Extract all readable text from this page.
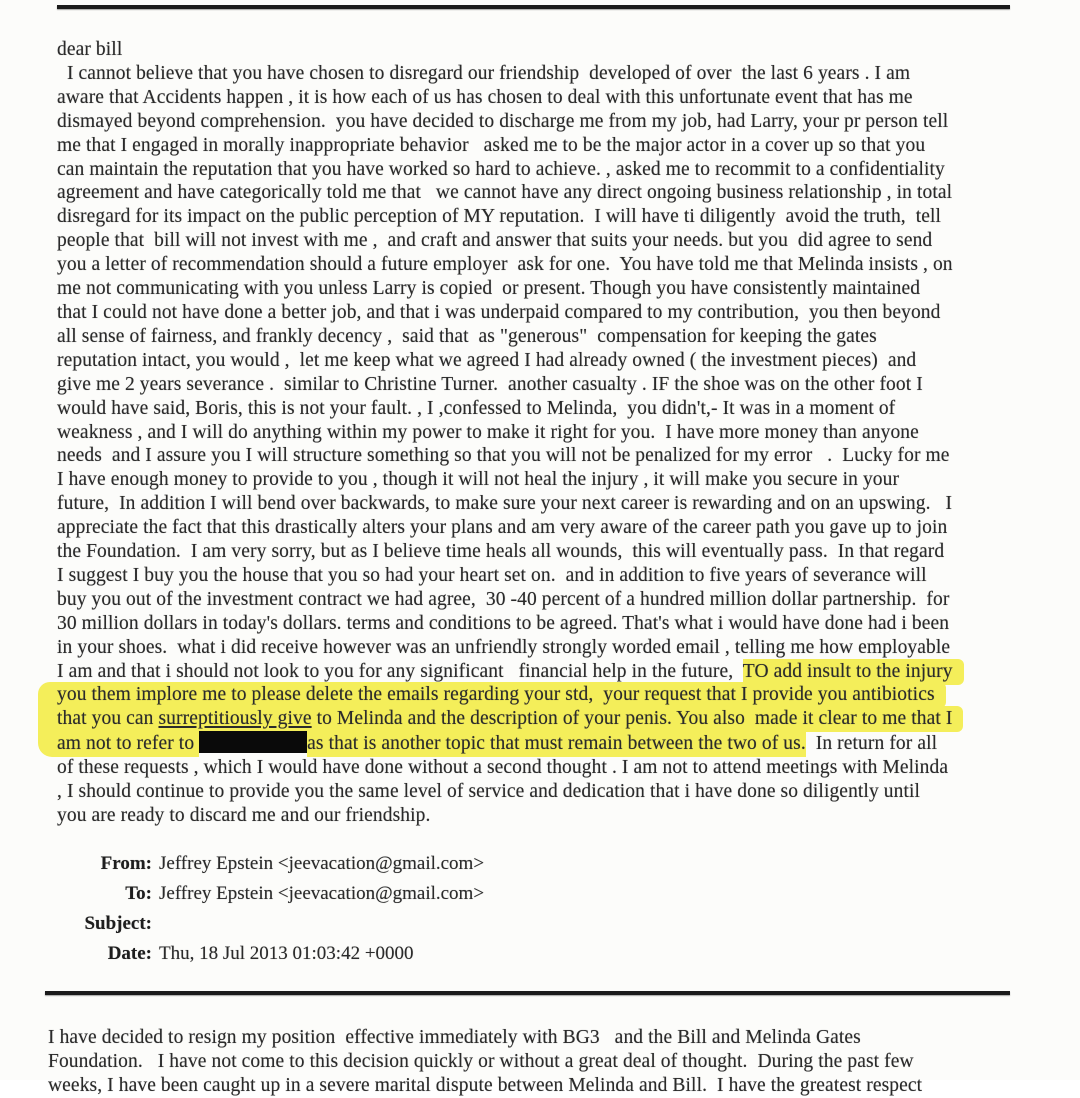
dear bill
I cannot believe that you have chosen to disregard our friendship  developed of over  the last 6 years . I am
aware that Accidents happen , it is how each of us has chosen to deal with this unfortunate event that has me
dismayed beyond comprehension.  you have decided to discharge me from my job, had Larry, your pr person tell
me that I engaged in morally inappropriate behavior   asked me to be the major actor in a cover up so that you
can maintain the reputation that you have worked so hard to achieve. , asked me to recommit to a confidentiality
agreement and have categorically told me that   we cannot have any direct ongoing business relationship , in total
disregard for its impact on the public perception of MY reputation.  I will have ti diligently  avoid the truth,  tell
people that  bill will not invest with me ,  and craft and answer that suits your needs. but you  did agree to send
you a letter of recommendation should a future employer  ask for one.  You have told me that Melinda insists , on
me not communicating with you unless Larry is copied  or present. Though you have consistently maintained
that I could not have done a better job, and that i was underpaid compared to my contribution,  you then beyond
all sense of fairness, and frankly decency ,  said that  as "generous"  compensation for keeping the gates
reputation intact, you would ,  let me keep what we agreed I had already owned ( the investment pieces)  and
give me 2 years severance .  similar to Christine Turner.  another casualty . IF the shoe was on the other foot I
would have said, Boris, this is not your fault. , I ,confessed to Melinda,  you didn't,- It was in a moment of
weakness , and I will do anything within my power to make it right for you.  I have more money than anyone
needs  and I assure you I will structure something so that you will not be penalized for my error   .  Lucky for me
I have enough money to provide to you , though it will not heal the injury , it will make you secure in your
future,  In addition I will bend over backwards, to make sure your next career is rewarding and on an upswing.   I
appreciate the fact that this drastically alters your plans and am very aware of the career path you gave up to join
the Foundation.  I am very sorry, but as I believe time heals all wounds,  this will eventually pass.  In that regard
I suggest I buy you the house that you so had your heart set on.  and in addition to five years of severance will
buy you out of the investment contract we had agree,  30 -40 percent of a hundred million dollar partnership.  for
30 million dollars in today's dollars. terms and conditions to be agreed. That's what i would have done had i been
in your shoes.  what i did receive however was an unfriendly strongly worded email , telling me how employable
I am and that i should not look to you for any significant   financial help in the future,  TO add insult to the injury
you them implore me to please delete the emails regarding your std,  your request that I provide you antibiotics
that you can surreptitiously give to Melinda and the description of your penis. You also  made it clear to me that I
am not to refer to	as that is another topic that must remain between the two of us.  In return for all
of these requests , which I would have done without a second thought . I am not to attend meetings with Melinda
, I should continue to provide you the same level of service and dedication that i have done so diligently until
you are ready to discard me and our friendship.
From: Jeffrey Epstein <jeevacation@gmail.com>
To: Jeffrey Epstein <jeevacation@gmail.com>
Subject:
Date: Thu, 18 Jul 2013 01:03:42 +0000
I have decided to resign my position  effective immediately with BG3   and the Bill and Melinda Gates
Foundation.   I have not come to this decision quickly or without a great deal of thought.  During the past few
weeks, I have been caught up in a severe marital dispute between Melinda and Bill.  I have the greatest respect
